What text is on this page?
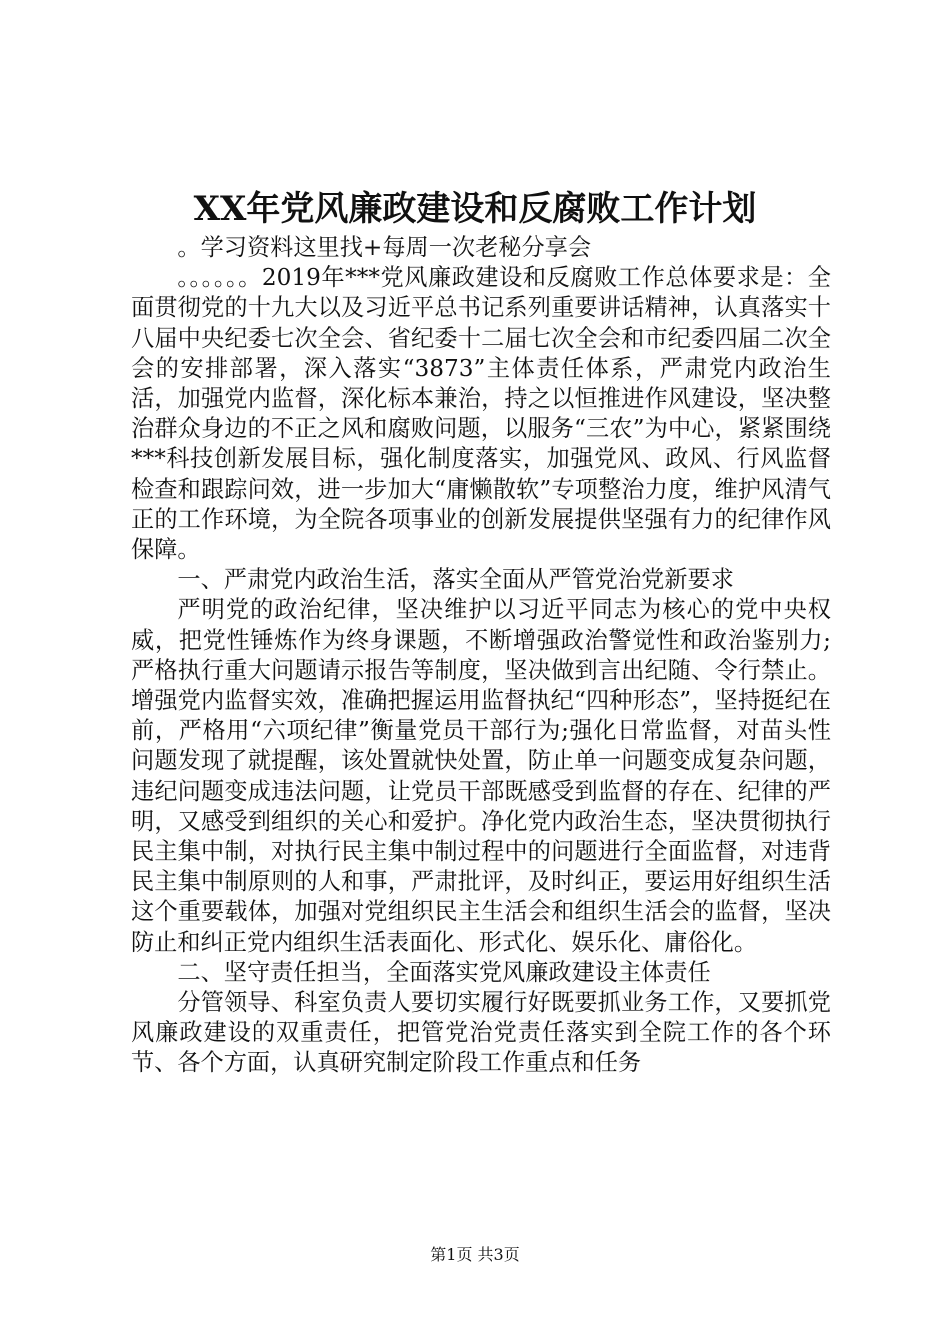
XX年党风廉政建设和反腐败工作计划

。学习资料这里找+每周一次老秘分享会

。。。。。。2019年***党风廉政建设和反腐败工作总体要求是：全面贯彻党的十九大以及习近平总书记系列重要讲话精神，认真落实十八届中央纪委七次全会、省纪委十二届七次全会和市纪委四届二次全会的安排部署，深入落实“3873”主体责任体系，严肃党内政治生活，加强党内监督，深化标本兼治，持之以恒推进作风建设，坚决整治群众身边的不正之风和腐败问题，以服务“三农”为中心，紧紧围绕***科技创新发展目标，强化制度落实，加强党风、政风、行风监督检查和跟踪问效，进一步加大“庸懒散软”专项整治力度，维护风清气正的工作环境，为全院各项事业的创新发展提供坚强有力的纪律作风保障。

一、严肃党内政治生活，落实全面从严管党治党新要求

严明党的政治纪律，坚决维护以习近平同志为核心的党中央权威，把党性锤炼作为终身课题，不断增强政治警觉性和政治鉴别力;严格执行重大问题请示报告等制度，坚决做到言出纪随、令行禁止。增强党内监督实效，准确把握运用监督执纪“四种形态”，坚持挺纪在前，严格用“六项纪律”衡量党员干部行为;强化日常监督，对苗头性问题发现了就提醒，该处置就快处置，防止单一问题变成复杂问题，违纪问题变成违法问题，让党员干部既感受到监督的存在、纪律的严明，又感受到组织的关心和爱护。净化党内政治生态，坚决贯彻执行民主集中制，对执行民主集中制过程中的问题进行全面监督，对违背民主集中制原则的人和事，严肃批评，及时纠正，要运用好组织生活这个重要载体，加强对党组织民主生活会和组织生活会的监督，坚决防止和纠正党内组织生活表面化、形式化、娱乐化、庸俗化。

二、坚守责任担当，全面落实党风廉政建设主体责任

分管领导、科室负责人要切实履行好既要抓业务工作，又要抓党风廉政建设的双重责任，把管党治党责任落实到全院工作的各个环节、各个方面，认真研究制定阶段工作重点和任务

第1页 共3页
